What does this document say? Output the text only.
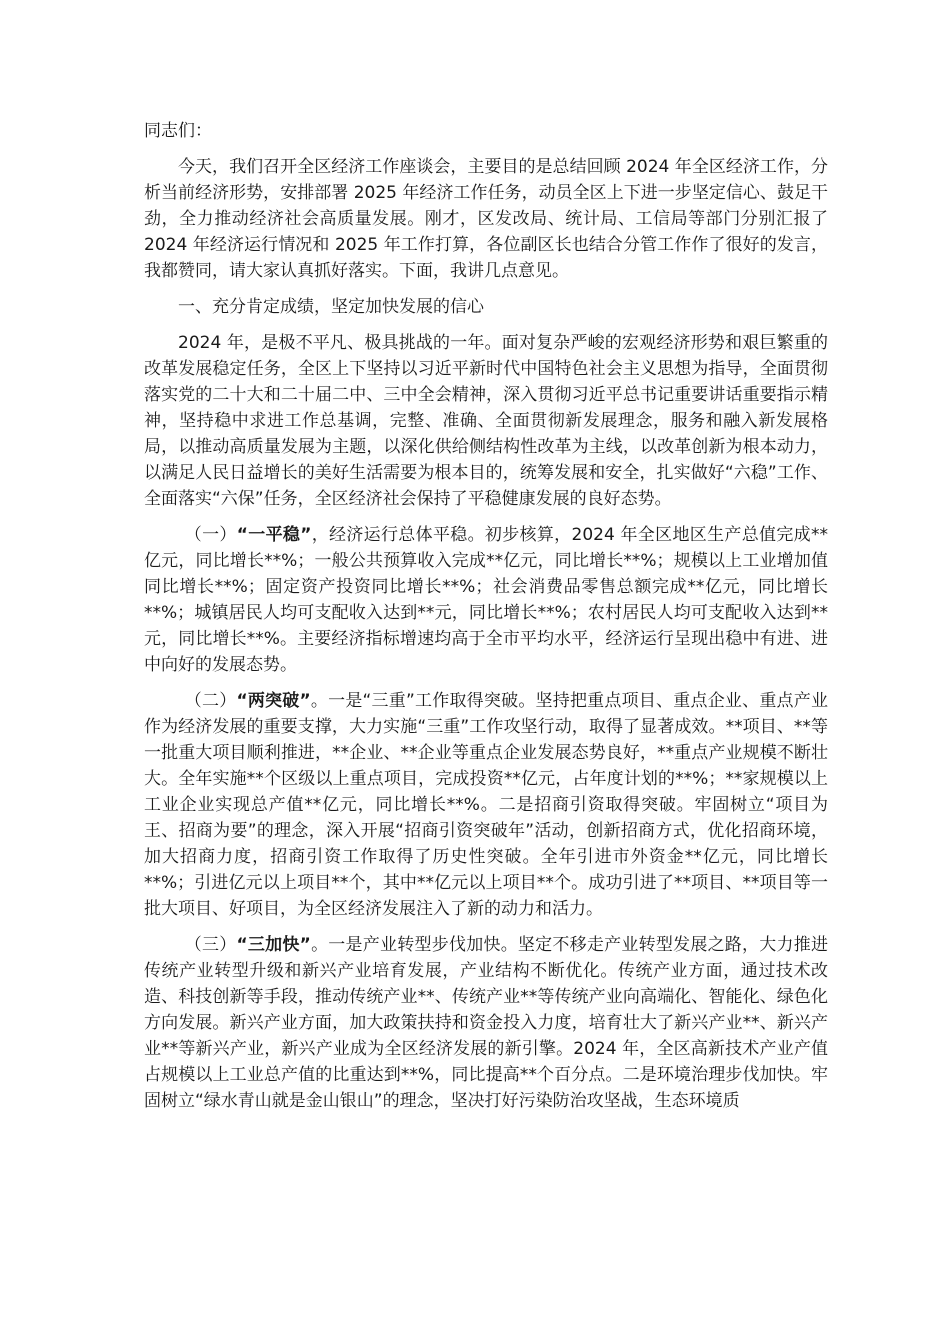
同志们：

今天，我们召开全区经济工作座谈会，主要目的是总结回顾 2024 年全区经济工作，分析当前经济形势，安排部署 2025 年经济工作任务，动员全区上下进一步坚定信心、鼓足干劲，全力推动经济社会高质量发展。刚才，区发改局、统计局、工信局等部门分别汇报了 2024 年经济运行情况和 2025 年工作打算，各位副区长也结合分管工作作了很好的发言，我都赞同，请大家认真抓好落实。下面，我讲几点意见。

一、充分肯定成绩，坚定加快发展的信心

2024 年，是极不平凡、极具挑战的一年。面对复杂严峻的宏观经济形势和艰巨繁重的改革发展稳定任务，全区上下坚持以习近平新时代中国特色社会主义思想为指导，全面贯彻落实党的二十大和二十届二中、三中全会精神，深入贯彻习近平总书记重要讲话重要指示精神，坚持稳中求进工作总基调，完整、准确、全面贯彻新发展理念，服务和融入新发展格局，以推动高质量发展为主题，以深化供给侧结构性改革为主线，以改革创新为根本动力，以满足人民日益增长的美好生活需要为根本目的，统筹发展和安全，扎实做好“六稳”工作、全面落实“六保”任务，全区经济社会保持了平稳健康发展的良好态势。

（一）“一平稳”，经济运行总体平稳。初步核算，2024 年全区地区生产总值完成**亿元，同比增长**%；一般公共预算收入完成**亿元，同比增长**%；规模以上工业增加值同比增长**%；固定资产投资同比增长**%；社会消费品零售总额完成**亿元，同比增长**%；城镇居民人均可支配收入达到**元，同比增长**%；农村居民人均可支配收入达到**元，同比增长**%。主要经济指标增速均高于全市平均水平，经济运行呈现出稳中有进、进中向好的发展态势。

（二）“两突破”。一是“三重”工作取得突破。坚持把重点项目、重点企业、重点产业作为经济发展的重要支撑，大力实施“三重”工作攻坚行动，取得了显著成效。**项目、**等一批重大项目顺利推进，**企业、**企业等重点企业发展态势良好，**重点产业规模不断壮大。全年实施**个区级以上重点项目，完成投资**亿元，占年度计划的**%；**家规模以上工业企业实现总产值**亿元，同比增长**%。二是招商引资取得突破。牢固树立“项目为王、招商为要”的理念，深入开展“招商引资突破年”活动，创新招商方式，优化招商环境，加大招商力度，招商引资工作取得了历史性突破。全年引进市外资金**亿元，同比增长**%；引进亿元以上项目**个，其中**亿元以上项目**个。成功引进了**项目、**项目等一批大项目、好项目，为全区经济发展注入了新的动力和活力。

（三）“三加快”。一是产业转型步伐加快。坚定不移走产业转型发展之路，大力推进传统产业转型升级和新兴产业培育发展，产业结构不断优化。传统产业方面，通过技术改造、科技创新等手段，推动传统产业**、传统产业**等传统产业向高端化、智能化、绿色化方向发展。新兴产业方面，加大政策扶持和资金投入力度，培育壮大了新兴产业**、新兴产业**等新兴产业，新兴产业成为全区经济发展的新引擎。2024 年，全区高新技术产业产值占规模以上工业总产值的比重达到**%，同比提高**个百分点。二是环境治理步伐加快。牢固树立“绿水青山就是金山银山”的理念，坚决打好污染防治攻坚战，生态环境质
